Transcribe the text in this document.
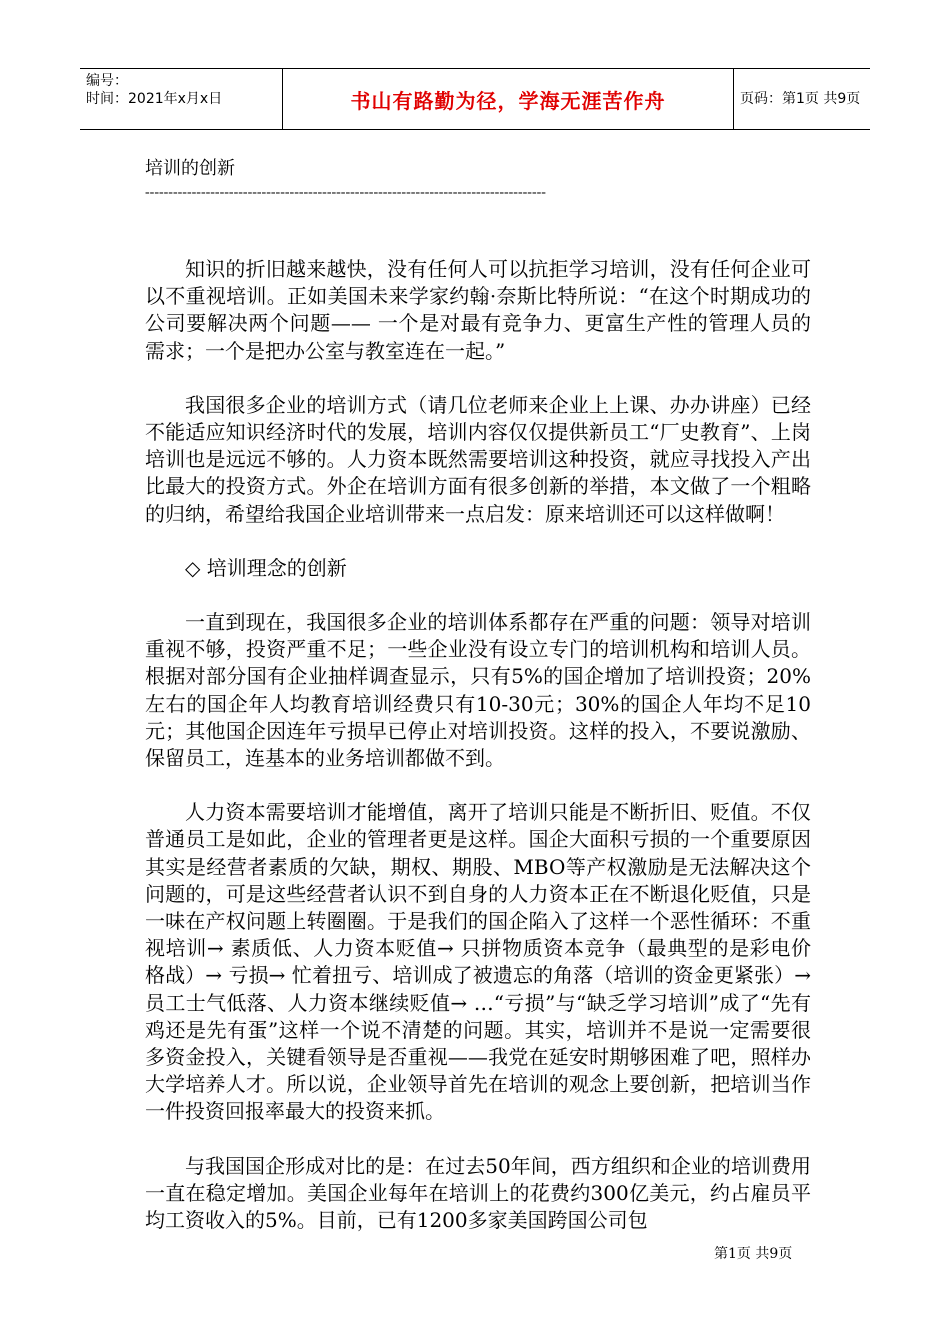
编号：
时间：2021年x月x日	书山有路勤为径，学海无涯苦作舟	页码：第1页 共9页
培训的创新
--------------------------------------------------------------------------------------

知识的折旧越来越快，没有任何人可以抗拒学习培训，没有任何企业可以不重视培训。正如美国未来学家约翰·奈斯比特所说：“在这个时期成功的公司要解决两个问题—— 一个是对最有竞争力、更富生产性的管理人员的需求；一个是把办公室与教室连在一起。”

我国很多企业的培训方式（请几位老师来企业上上课、办办讲座）已经不能适应知识经济时代的发展，培训内容仅仅提供新员工“厂史教育”、上岗培训也是远远不够的。人力资本既然需要培训这种投资，就应寻找投入产出比最大的投资方式。外企在培训方面有很多创新的举措，本文做了一个粗略的归纳，希望给我国企业培训带来一点启发：原来培训还可以这样做啊！

◇ 培训理念的创新

一直到现在，我国很多企业的培训体系都存在严重的问题：领导对培训重视不够，投资严重不足；一些企业没有设立专门的培训机构和培训人员。根据对部分国有企业抽样调查显示，只有5%的国企增加了培训投资；20%左右的国企年人均教育培训经费只有10-30元；30%的国企人年均不足10元；其他国企因连年亏损早已停止对培训投资。这样的投入，不要说激励、保留员工，连基本的业务培训都做不到。

人力资本需要培训才能增值，离开了培训只能是不断折旧、贬值。不仅普通员工是如此，企业的管理者更是这样。国企大面积亏损的一个重要原因其实是经营者素质的欠缺，期权、期股、MBO等产权激励是无法解决这个问题的，可是这些经营者认识不到自身的人力资本正在不断退化贬值，只是一味在产权问题上转圈圈。于是我们的国企陷入了这样一个恶性循环：不重视培训→ 素质低、人力资本贬值→ 只拼物质资本竞争（最典型的是彩电价格战）→ 亏损→ 忙着扭亏、培训成了被遗忘的角落（培训的资金更紧张）→员工士气低落、人力资本继续贬值→ …“亏损”与“缺乏学习培训”成了“先有鸡还是先有蛋”这样一个说不清楚的问题。其实，培训并不是说一定需要很多资金投入，关键看领导是否重视——我党在延安时期够困难了吧，照样办大学培养人才。所以说，企业领导首先在培训的观念上要创新，把培训当作一件投资回报率最大的投资来抓。

与我国国企形成对比的是：在过去50年间，西方组织和企业的培训费用一直在稳定增加。美国企业每年在培训上的花费约300亿美元，约占雇员平均工资收入的5%。目前，已有1200多家美国跨国公司包

第1页 共9页
